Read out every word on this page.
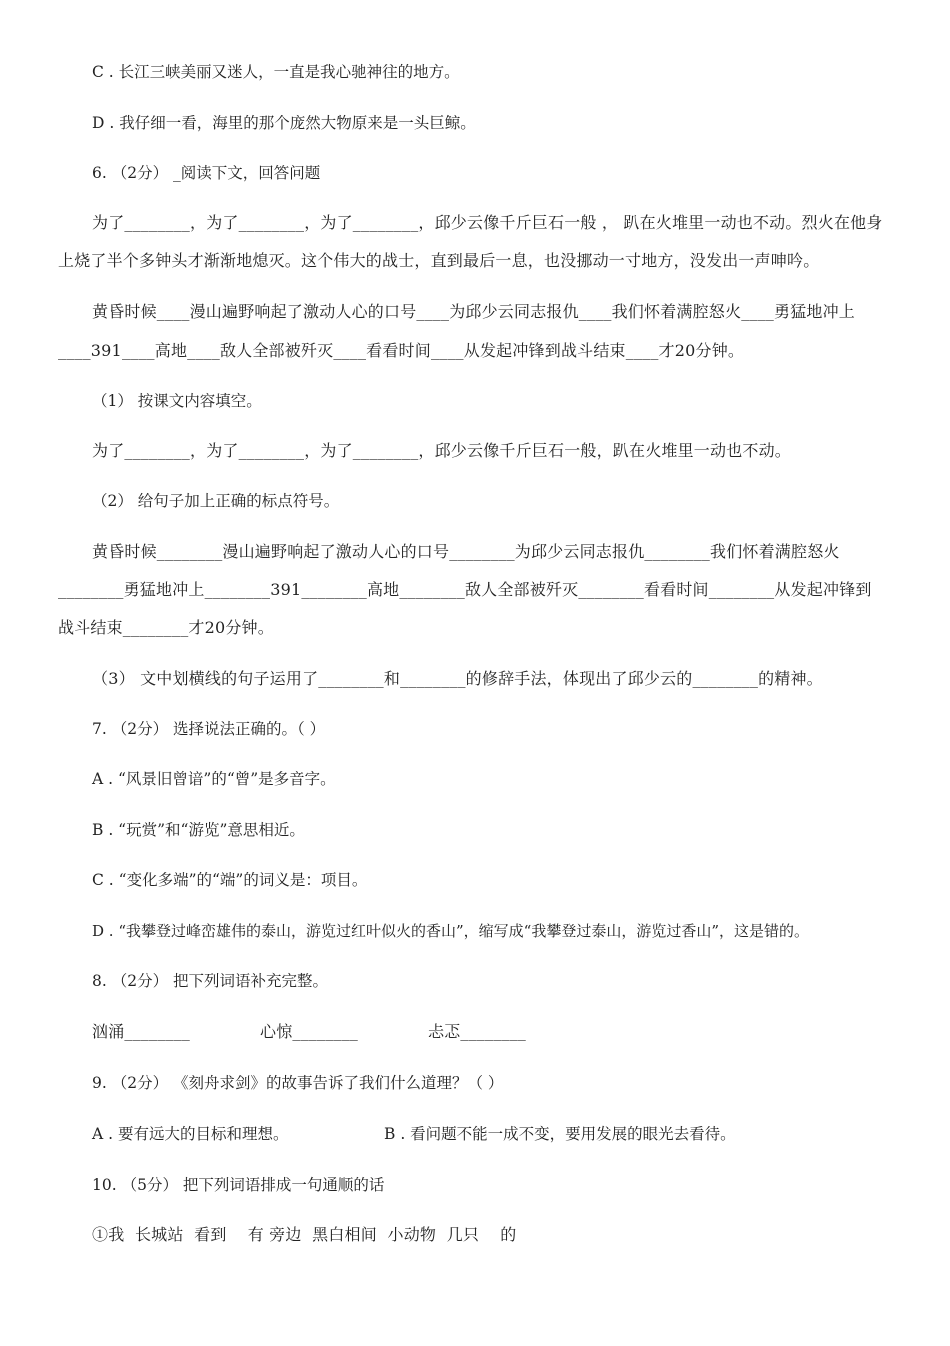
C . 长江三峡美丽又迷人，一直是我心驰神往的地方。
D . 我仔细一看，海里的那个庞然大物原来是一头巨鲸。
6. （2分） _阅读下文，回答问题
为了________，为了________，为了________，邱少云像千斤巨石一般 ， 趴在火堆里一动也不动。烈火在他身
上烧了半个多钟头才渐渐地熄灭。这个伟大的战士，直到最后一息，也没挪动一寸地方，没发出一声呻吟。
黄昏时候____漫山遍野响起了激动人心的口号____为邱少云同志报仇____我们怀着满腔怒火____勇猛地冲上
____391____高地____敌人全部被歼灭____看看时间____从发起冲锋到战斗结束____才20分钟。
（1） 按课文内容填空。
为了________，为了________，为了________，邱少云像千斤巨石一般，趴在火堆里一动也不动。
（2） 给句子加上正确的标点符号。
黄昏时候________漫山遍野响起了激动人心的口号________为邱少云同志报仇________我们怀着满腔怒火
________勇猛地冲上________391________高地________敌人全部被歼灭________看看时间________从发起冲锋到
战斗结束________才20分钟。
（3） 文中划横线的句子运用了________和________的修辞手法，体现出了邱少云的________的精神。
7. （2分） 选择说法正确的。（ ）
A . “风景旧曾谙”的“曾”是多音字。
B . “玩赏”和“游览”意思相近。
C . “变化多端”的“端”的词义是：项目。
D . “我攀登过峰峦雄伟的泰山，游览过红叶似火的香山”，缩写成“我攀登过泰山，游览过香山”，这是错的。
8. （2分） 把下列词语补充完整。
汹涌________	心惊________	忐忑________
9. （2分） 《刻舟求剑》的故事告诉了我们什么道理？（ ）
A . 要有远大的目标和理想。	B . 看问题不能一成不变，要用发展的眼光去看待。
10. （5分） 把下列词语排成一句通顺的话
①我  长城站  看到    有 旁边  黑白相间  小动物  几只    的
